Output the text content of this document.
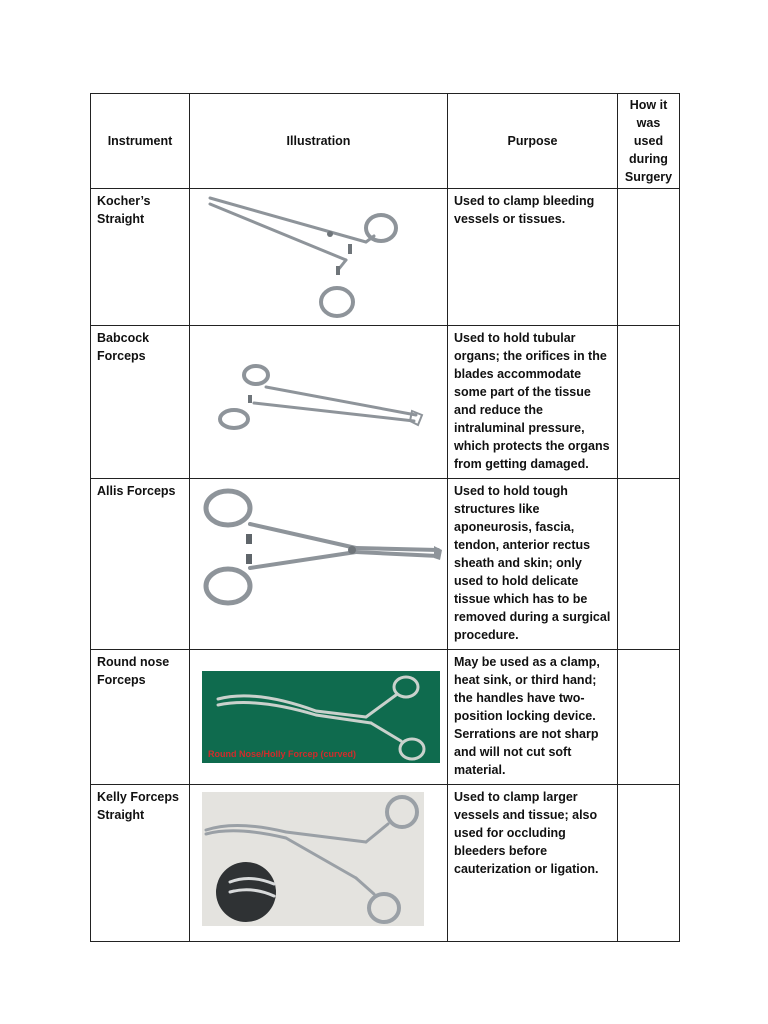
Instrument	Illustration	Purpose	How it was used during Surgery
Kocher’s Straight		Used to clamp bleeding vessels or tissues.	
Babcock Forceps		Used to hold tubular organs; the orifices in the blades accommodate some part of the tissue and reduce the intraluminal pressure, which protects the organs from getting damaged.	
Allis Forceps		Used to hold tough structures like aponeurosis, fascia, tendon, anterior rectus sheath and skin; only used to hold delicate tissue which has to be removed during a surgical procedure.	
Round nose Forceps	Round Nose/Holly Forcep (curved)	May be used as a clamp, heat sink, or third hand; the handles have two-position locking device. Serrations are not sharp and will not cut soft material.	
Kelly Forceps Straight		Used to clamp larger vessels and tissue; also used for occluding bleeders before cauterization or ligation.	
